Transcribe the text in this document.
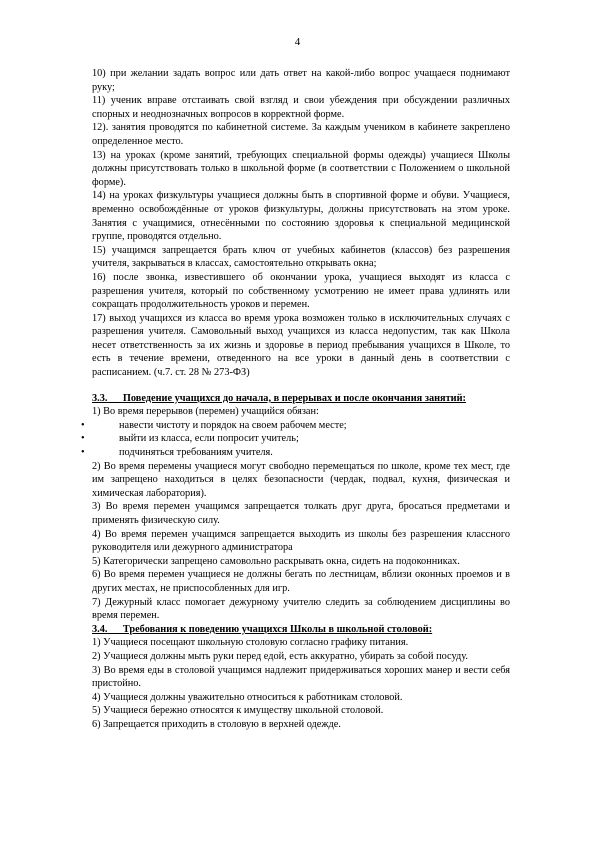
4

10) при желании задать вопрос или дать ответ на какой-либо вопрос учащаеся поднимают руку;

11) ученик вправе отстаивать свой взгляд и свои убеждения при обсуждении различных спорных и неоднозначных вопросов в корректной форме.

12). занятия проводятся по кабинетной системе. За каждым учеником в кабинете закреплено определенное место.

13) на уроках (кроме занятий, требующих специальной формы одежды) учащиеся Школы должны присутствовать только в школьной форме (в соответствии с Положением о школьной форме).

14) на уроках физкультуры учащиеся должны быть в спортивной форме и обуви. Учащиеся, временно освобождённые от уроков физкультуры, должны присутствовать на этом уроке. Занятия с учащимися, отнесёнными по состоянию здоровья к специальной медицинской группе, проводятся отдельно.

15) учащимся запрещается брать ключ от учебных кабинетов (классов) без разрешения учителя, закрываться в классах, самостоятельно открывать окна;

16) после звонка, известившего об окончании урока, учащиеся выходят из класса с разрешения учителя, который по собственному усмотрению не имеет права удлинять или сокращать продолжительность уроков и перемен.

17) выход учащихся из класса во время урока возможен только в исключительных случаях с разрешения учителя. Самовольный выход учащихся из класса недопустим, так как Школа несет ответственность за их жизнь и здоровье в период пребывания учащихся в Школе, то есть в течение времени, отведенного на все уроки в данный день в соответствии с расписанием. (ч.7. ст. 28 № 273-ФЗ)

3.3. Поведение учащихся до начала, в перерывах и после окончания занятий:

1) Во время перерывов (перемен) учащийся обязан:

• навести чистоту и порядок на своем рабочем месте;

• выйти из класса, если попросит учитель;

• подчиняться требованиям учителя.

2) Во время перемены учащиеся могут свободно перемещаться по школе, кроме тех мест, где им запрещено находиться в целях безопасности (чердак, подвал, кухня, физическая и химическая лаборатория).

3) Во время перемен учащимся запрещается толкать друг друга, бросаться предметами и применять физическую силу.

4) Во время перемен учащимся запрещается выходить из школы без разрешения классного руководителя или дежурного администратора

5) Категорически запрещено самовольно раскрывать окна, сидеть на подоконниках.

6) Во время перемен учащиеся не должны бегать по лестницам, вблизи оконных проемов и в других местах, не приспособленных для игр.

7) Дежурный класс помогает дежурному учителю следить за соблюдением дисциплины во время перемен.

3.4. Требования к поведению учащихся Школы в школьной столовой:

1) Учащиеся посещают школьную столовую согласно графику питания.

2) Учащиеся должны мыть руки перед едой, есть аккуратно, убирать за собой посуду.

3) Во время еды в столовой учащимся надлежит придерживаться хороших манер и вести себя пристойно.

4) Учащиеся должны уважительно относиться к работникам столовой.

5) Учащиеся бережно относятся к имуществу школьной столовой.

6) Запрещается приходить в столовую в верхней одежде.
